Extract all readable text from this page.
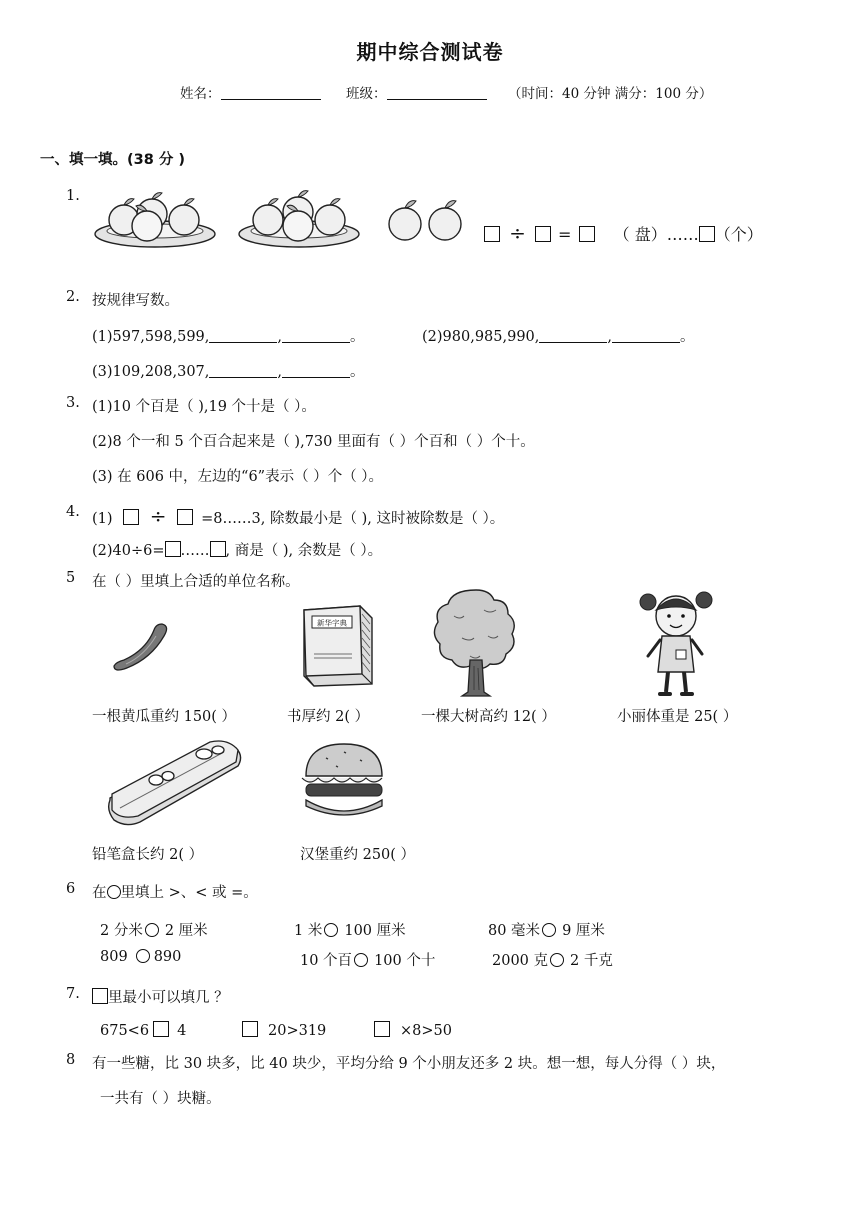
期中综合测试卷
姓名：	班级：	（时间：40 分钟 满分：100 分）
一、填一填。(38 分 )
1.
÷ =	（ 盘）…… （个）
2. 按规律写数。
(1)597,598,599,	,	。	(2)980,985,990,	,	。
(3)109,208,307,	,	。
3. (1)10 个百是（ ),19 个十是（ ）。
(2)8 个一和 5 个百合起来是（ ),730 里面有（ ）个百和（ ）个十。
(3) 在 606 中，左边的“6”表示（ ）个（ ）。
4. (1) ÷ =8……3, 除数最小是（ ), 这时被除数是（ ）。
(2)40÷6= …… , 商是（ ), 余数是（ ）。
5 在（ ）里填上合适的单位名称。
新华字典
一根黄瓜重约 150( ）	书厚约 2( ）	一棵大树高约 12( ）	小丽体重是 25( ）
铅笔盒长约 2( ）	汉堡重约 250( ）
6 在 里填上 >、< 或 =。
2 分米 2 厘米	1 米 100 厘米	80 毫米 9 厘米
809 890	10 个百 100 个十	2000 克 2 千克
7.	里最小可以填几 ？
675<6 4	20>319	×8>50
8 有一些糖，比 30 块多，比 40 块少，平均分给 9 个小朋友还多 2 块。想一想，每人分得（ ）块，
一共有（ ）块糖。
